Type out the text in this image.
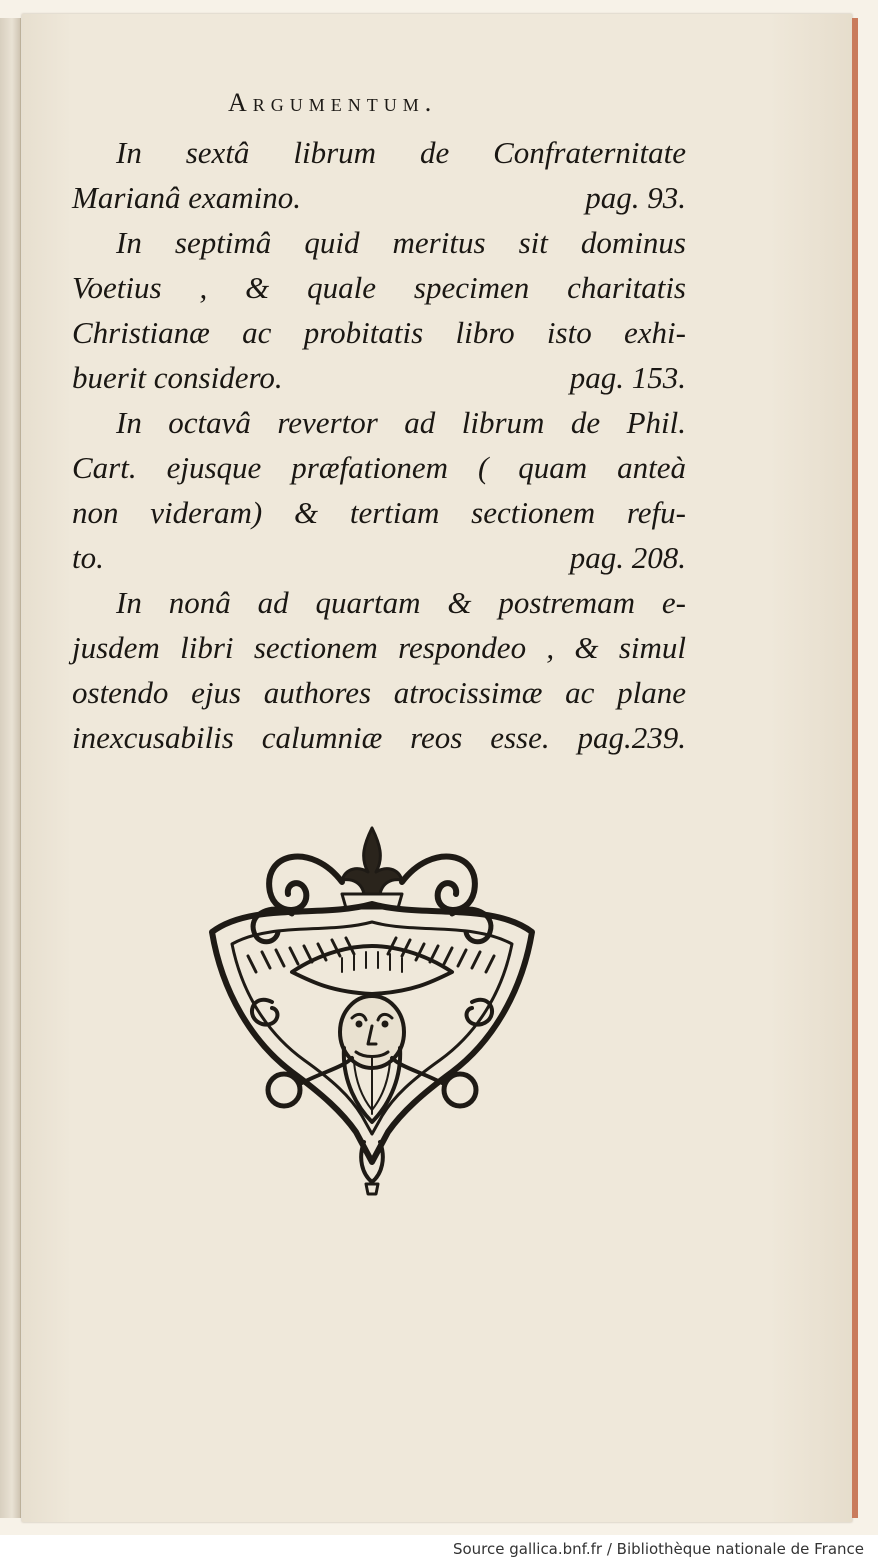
Argumentum.
In sextâ librum de Confraternitate
Marianâ examino.	pag. 93.
In septimâ quid meritus sit dominus
Voetius , & quale specimen charitatis
Christianæ ac probitatis libro isto exhi-
buerit considero.	pag. 153.
In octavâ revertor ad librum de Phil.
Cart. ejusque præfationem ( quam anteà
non videram) & tertiam sectionem refu-
to.	pag. 208.
In nonâ ad quartam & postremam e-
jusdem libri sectionem respondeo , & simul
ostendo ejus authores atrocissimæ ac plane
inexcusabilis calumniæ reos esse. pag.239.
Source gallica.bnf.fr / Bibliothèque nationale de France
